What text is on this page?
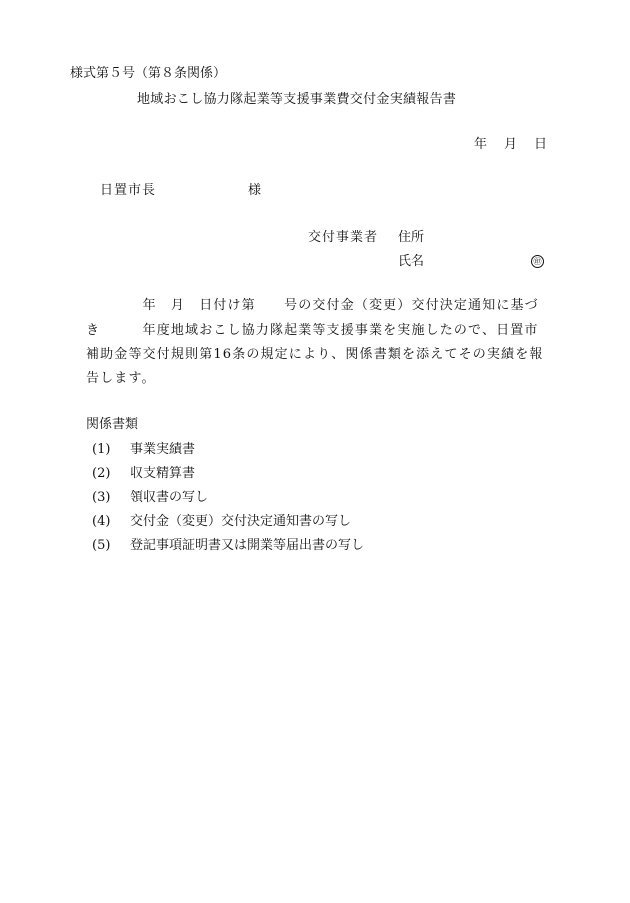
様式第５号（第８条関係）
地域おこし協力隊起業等支援事業費交付金実績報告書
年　月　日
日置市長	様
交付事業者 住所
氏名	㊞
　　　　年　月　日付け第　　号の交付金（変更）交付決定通知に基づ
き　　　年度地域おこし協力隊起業等支援事業を実施したので、日置市
補助金等交付規則第16条の規定により、関係書類を添えてその実績を報
告します。
関係書類
(1) 事業実績書
(2) 収支精算書
(3) 領収書の写し
(4) 交付金（変更）交付決定通知書の写し
(5) 登記事項証明書又は開業等届出書の写し
